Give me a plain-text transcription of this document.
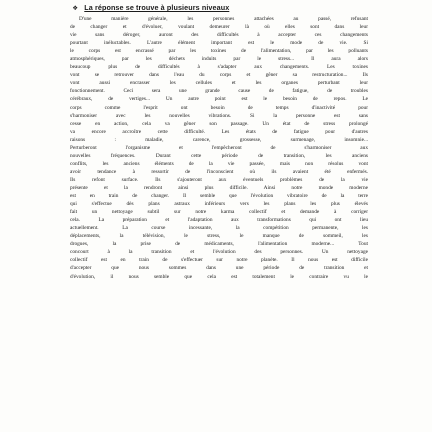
❖ La réponse se trouve à plusieurs niveaux
D'une manière générale, les personnes attachées au passé, refusant
de changer et d'évoluer, voulant demeurer là où elles sont dans leur
vie sans déroger, auront des difficultés à accepter ces changements
pourtant inéluctables. L'autre élément important est le mode de vie. Si
le corps est encrassé par les toxines de l'alimentation, par les polluants
atmosphériques, par les déchets induits par le stress... Il aura alors
beaucoup plus de difficultés à s'adapter aux changements. Les toxines
vont se retrouver dans l'eau du corps et gêner sa restructuration... Ils
vont aussi encrasser les cellules et les organes perturbant leur
fonctionnement. Ceci sera une grande cause de fatigue, de troubles
cérébraux, de vertiges... Un autre point est le besoin de repos. Le
corps comme l'esprit ont besoin de temps d'inactivité pour
s'harmoniser avec les nouvelles vibrations. Si la personne est sans
cesse en action, cela va gêner son passage. Un état de stress prolongé
va encore accroître cette difficulté. Les états de fatigue pour d'autres
raisons : maladie, carence, grossesse, surmenage, insomnie...
Perturberont l'organisme et l'empêcheront de s'harmoniser aux
nouvelles fréquences. Durant cette période de transition, les anciens
conflits, les anciens éléments de la vie passée, mais non résolus vont
avoir tendance à ressortir de l'inconscient où ils avaient été enfermés.
Ils refont surface. Ils s'ajouteront aux éventuels problèmes de la vie
présente et la rendront ainsi plus difficile. Ainsi notre monde moderne
est en train de changer. Il semble que l'évolution vibratoire de la terre
qui s'effectue dès plans astraux inférieurs vers les plans les plus élevés
fait un nettoyage subtil sur notre karma collectif et demande à corriger
cela. La préparation et l'adaptation aux transformations qui ont lieu
actuellement. La course incessante, la compétition permanente, les
déplacements, la télévision, le stress, le manque de sommeil, les
drogues, la prise de médicaments, l'alimentation moderne... Tout
concourt à la transition et l'évolution des personnes. Un nettoyage
collectif est en train de s'effectuer sur notre planète. Il nous est difficile
d'accepter que nous sommes dans une période de transition et
d'évolution, il nous semble que cela est totalement le contraire vu le
